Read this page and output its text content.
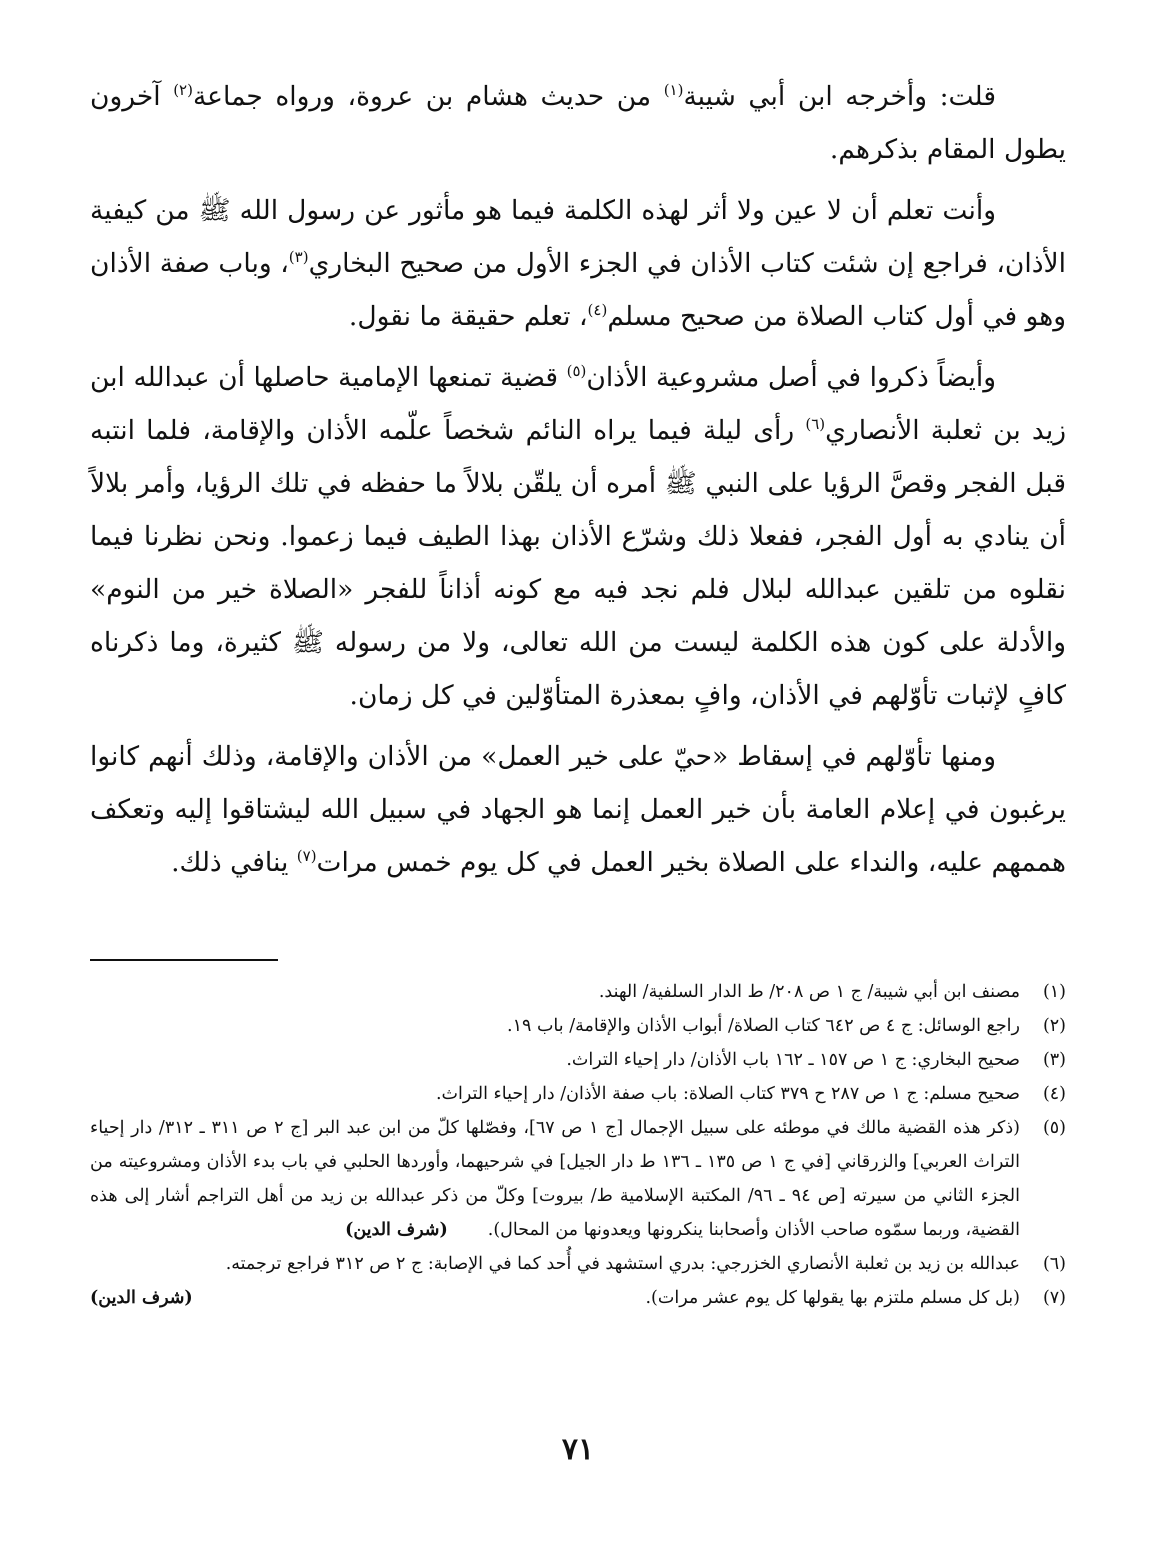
قلت: وأخرجه ابن أبي شيبة$^{(١)}$ من حديث هشام بن عروة، ورواه جماعة$^{(٢)}$ آخرون يطول المقام بذكرهم.

وأنت تعلم أن لا عين ولا أثر لهذه الكلمة فيما هو مأثور عن رسول الله ﷺ من كيفية الأذان، فراجع إن شئت كتاب الأذان في الجزء الأول من صحيح البخاري$^{(٣)}$، وباب صفة الأذان وهو في أول كتاب الصلاة من صحيح مسلم$^{(٤)}$، تعلم حقيقة ما نقول.

وأيضاً ذكروا في أصل مشروعية الأذان$^{(٥)}$ قضية تمنعها الإمامية حاصلها أن عبدالله ابن زيد بن ثعلبة الأنصاري$^{(٦)}$ رأى ليلة فيما يراه النائم شخصاً علّمه الأذان والإقامة، فلما انتبه قبل الفجر وقصَّ الرؤيا على النبي ﷺ أمره أن يلقّن بلالاً ما حفظه في تلك الرؤيا، وأمر بلالاً أن ينادي به أول الفجر، ففعلا ذلك وشرّع الأذان بهذا الطيف فيما زعموا. ونحن نظرنا فيما نقلوه من تلقين عبدالله لبلال فلم نجد فيه مع كونه أذاناً للفجر «الصلاة خير من النوم» والأدلة على كون هذه الكلمة ليست من الله تعالى، ولا من رسوله ﷺ كثيرة، وما ذكرناه كافٍ لإثبات تأوّلهم في الأذان، وافٍ بمعذرة المتأوّلين في كل زمان.

ومنها تأوّلهم في إسقاط «حيّ على خير العمل» من الأذان والإقامة، وذلك أنهم كانوا يرغبون في إعلام العامة بأن خير العمل إنما هو الجهاد في سبيل الله ليشتاقوا إليه وتعكف هممهم عليه، والنداء على الصلاة بخير العمل في كل يوم خمس مرات$^{(٧)}$ ينافي ذلك.

(١)
مصنف ابن أبي شيبة/ ج ١ ص ٢٠٨/ ط الدار السلفية/ الهند.
(٢)
راجع الوسائل: ج ٤ ص ٦٤٢ كتاب الصلاة/ أبواب الأذان والإقامة/ باب ١٩.
(٣)
صحيح البخاري: ج ١ ص ١٥٧ ـ ١٦٢ باب الأذان/ دار إحياء التراث.
(٤)
صحيح مسلم: ج ١ ص ٢٨٧ ح ٣٧٩ كتاب الصلاة: باب صفة الأذان/ دار إحياء التراث.
(٥)
(ذكر هذه القضية مالك في موطئه على سبيل الإجمال [ج ١ ص ٦٧]، وفصّلها كلّ من ابن عبد البر [ج ٢ ص ٣١١ ـ ٣١٢/ دار إحياء التراث العربي] والزرقاني [في ج ١ ص ١٣٥ ـ ١٣٦ ط دار الجيل] في شرحيهما، وأوردها الحلبي في باب بدء الأذان ومشروعيته من الجزء الثاني من سيرته [ص ٩٤ ـ ٩٦/ المكتبة الإسلامية ط/ بيروت] وكلّ من ذكر عبدالله بن زيد من أهل التراجم أشار إلى هذه القضية، وربما سمّوه صاحب الأذان وأصحابنا ينكرونها ويعدونها من المحال).(شرف الدين)
(٦)
عبدالله بن زيد بن ثعلبة الأنصاري الخزرجي: بدري استشهد في أُحد كما في الإصابة: ج ٢ ص ٣١٢ فراجع ترجمته.
(٧)
(بل كل مسلم ملتزم بها يقولها كل يوم عشر مرات).
(شرف الدين)
٧١
